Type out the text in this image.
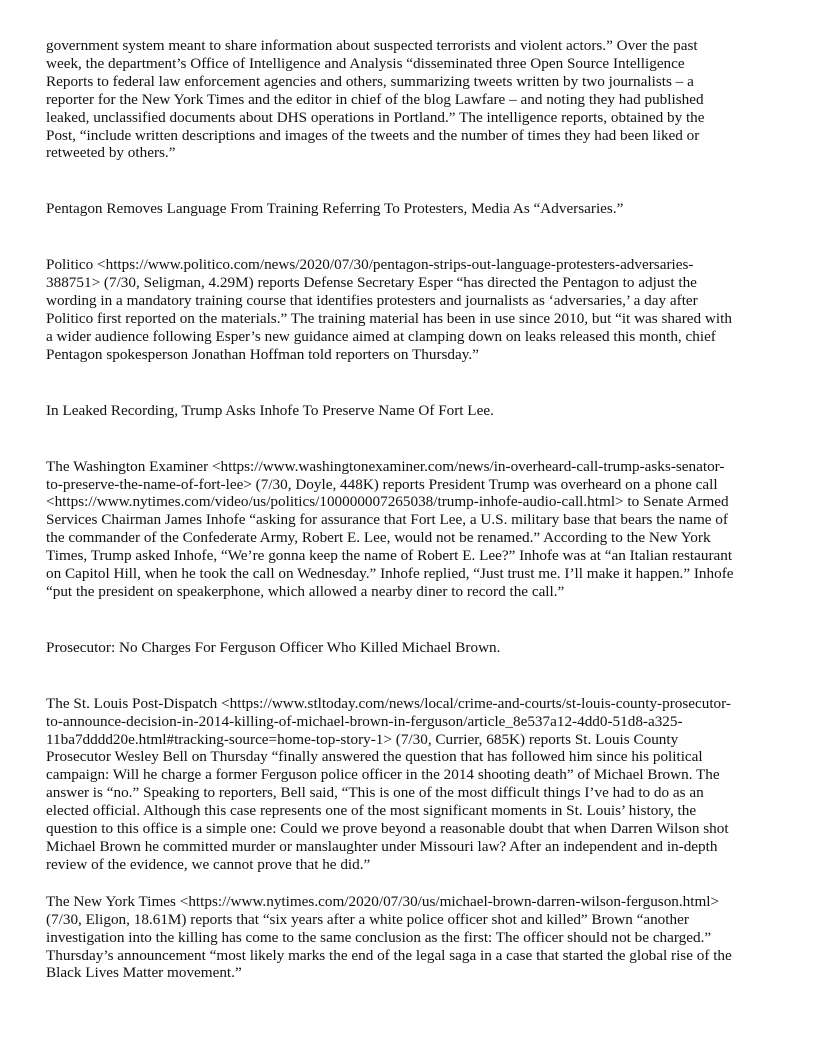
government system meant to share information about suspected terrorists and violent actors.” Over the past
week, the department’s Office of Intelligence and Analysis “disseminated three Open Source Intelligence
Reports to federal law enforcement agencies and others, summarizing tweets written by two journalists – a
reporter for the New York Times and the editor in chief of the blog Lawfare – and noting they had published
leaked, unclassified documents about DHS operations in Portland.” The intelligence reports, obtained by the
Post, “include written descriptions and images of the tweets and the number of times they had been liked or
retweeted by others.”

Pentagon Removes Language From Training Referring To Protesters, Media As “Adversaries.”

Politico <https://www.politico.com/news/2020/07/30/pentagon-strips-out-language-protesters-adversaries-
388751> (7/30, Seligman, 4.29M) reports Defense Secretary Esper “has directed the Pentagon to adjust the
wording in a mandatory training course that identifies protesters and journalists as ‘adversaries,’ a day after
Politico first reported on the materials.” The training material has been in use since 2010, but “it was shared with
a wider audience following Esper’s new guidance aimed at clamping down on leaks released this month, chief
Pentagon spokesperson Jonathan Hoffman told reporters on Thursday.”

In Leaked Recording, Trump Asks Inhofe To Preserve Name Of Fort Lee.

The Washington Examiner <https://www.washingtonexaminer.com/news/in-overheard-call-trump-asks-senator-
to-preserve-the-name-of-fort-lee> (7/30, Doyle, 448K) reports President Trump was overheard on a phone call
<https://www.nytimes.com/video/us/politics/100000007265038/trump-inhofe-audio-call.html> to Senate Armed
Services Chairman James Inhofe “asking for assurance that Fort Lee, a U.S. military base that bears the name of
the commander of the Confederate Army, Robert E. Lee, would not be renamed.” According to the New York
Times, Trump asked Inhofe, “We’re gonna keep the name of Robert E. Lee?” Inhofe was at “an Italian restaurant
on Capitol Hill, when he took the call on Wednesday.” Inhofe replied, “Just trust me. I’ll make it happen.” Inhofe
“put the president on speakerphone, which allowed a nearby diner to record the call.”

Prosecutor: No Charges For Ferguson Officer Who Killed Michael Brown.

The St. Louis Post-Dispatch <https://www.stltoday.com/news/local/crime-and-courts/st-louis-county-prosecutor-
to-announce-decision-in-2014-killing-of-michael-brown-in-ferguson/article_8e537a12-4dd0-51d8-a325-
11ba7dddd20e.html#tracking-source=home-top-story-1> (7/30, Currier, 685K) reports St. Louis County
Prosecutor Wesley Bell on Thursday “finally answered the question that has followed him since his political
campaign: Will he charge a former Ferguson police officer in the 2014 shooting death” of Michael Brown. The
answer is “no.” Speaking to reporters, Bell said, “This is one of the most difficult things I’ve had to do as an
elected official. Although this case represents one of the most significant moments in St. Louis’ history, the
question to this office is a simple one: Could we prove beyond a reasonable doubt that when Darren Wilson shot
Michael Brown he committed murder or manslaughter under Missouri law? After an independent and in-depth
review of the evidence, we cannot prove that he did.”

The New York Times <https://www.nytimes.com/2020/07/30/us/michael-brown-darren-wilson-ferguson.html>
(7/30, Eligon, 18.61M) reports that “six years after a white police officer shot and killed” Brown “another
investigation into the killing has come to the same conclusion as the first: The officer should not be charged.”
Thursday’s announcement “most likely marks the end of the legal saga in a case that started the global rise of the
Black Lives Matter movement.”
